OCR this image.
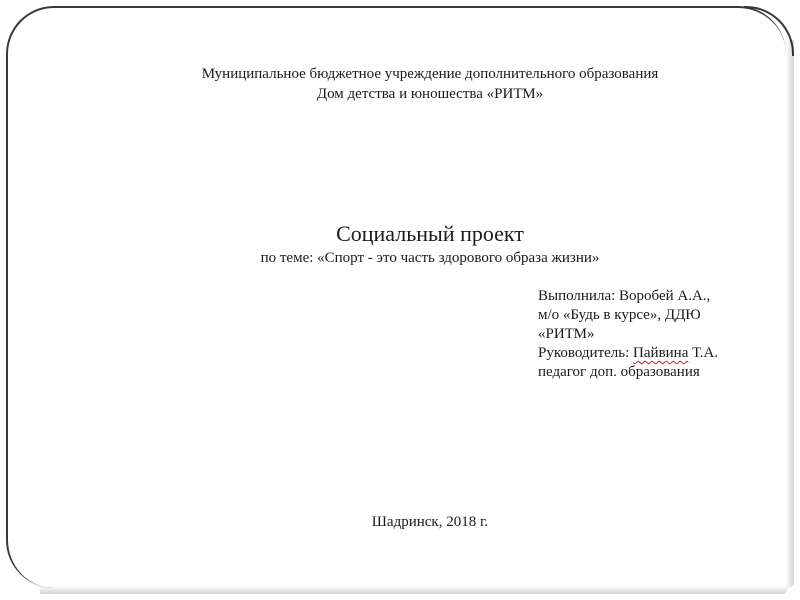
Муниципальное бюджетное учреждение дополнительного образования
Дом детства и юношества «РИТМ»
Социальный проект
по теме: «Спорт - это часть здорового образа жизни»
Выполнила: Воробей А.А.,
м/о «Будь в курсе», ДДЮ
«РИТМ»
Руководитель: Пайвина Т.А.
педагог доп. образования
Шадринск, 2018 г.
